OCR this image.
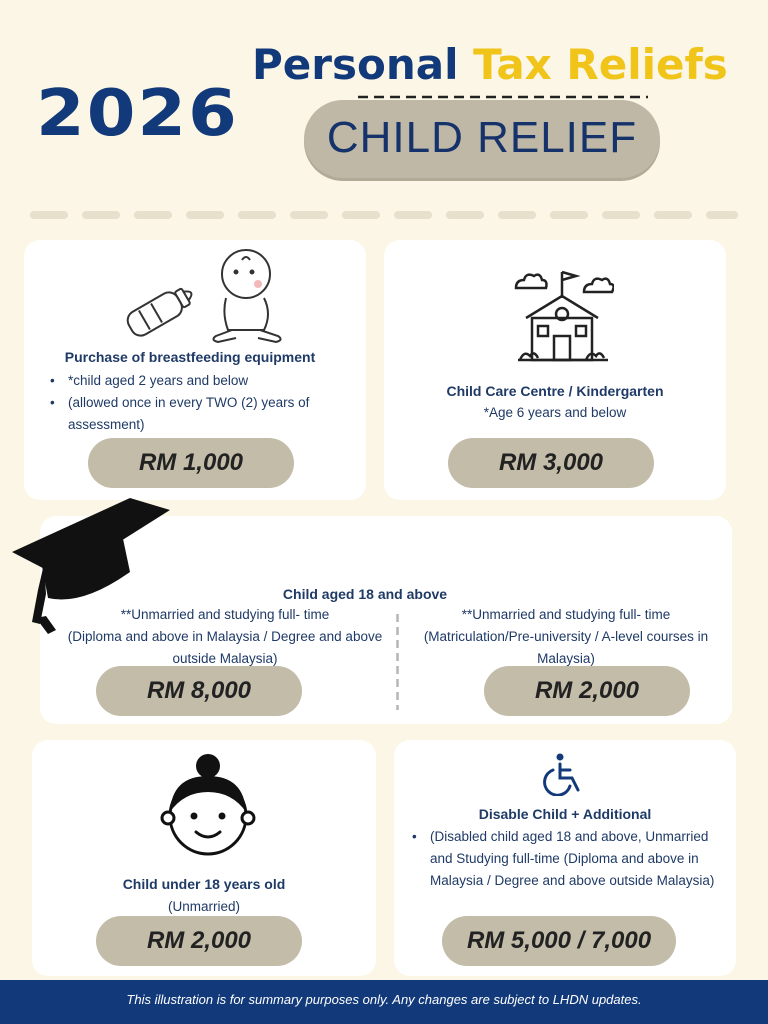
2026
Personal Tax Reliefs
CHILD RELIEF
Purchase of breastfeeding equipment
• *child aged 2 years and below
• (allowed once in every TWO (2) years of assessment)
RM 1,000
Child Care Centre / Kindergarten
*Age 6 years and below
RM 3,000
Child aged 18 and above
**Unmarried and studying full- time
(Diploma and above in Malaysia / Degree and above outside Malaysia)
**Unmarried and studying full- time
(Matriculation/Pre-university / A-level courses in Malaysia)
RM 8,000	RM 2,000
Child under 18 years old
(Unmarried)
RM 2,000
Disable Child + Additional
• (Disabled child aged 18 and above, Unmarried and Studying full-time (Diploma and above in Malaysia / Degree and above outside Malaysia)
RM 5,000 / 7,000
This illustration is for summary purposes only. Any changes are subject to LHDN updates.
